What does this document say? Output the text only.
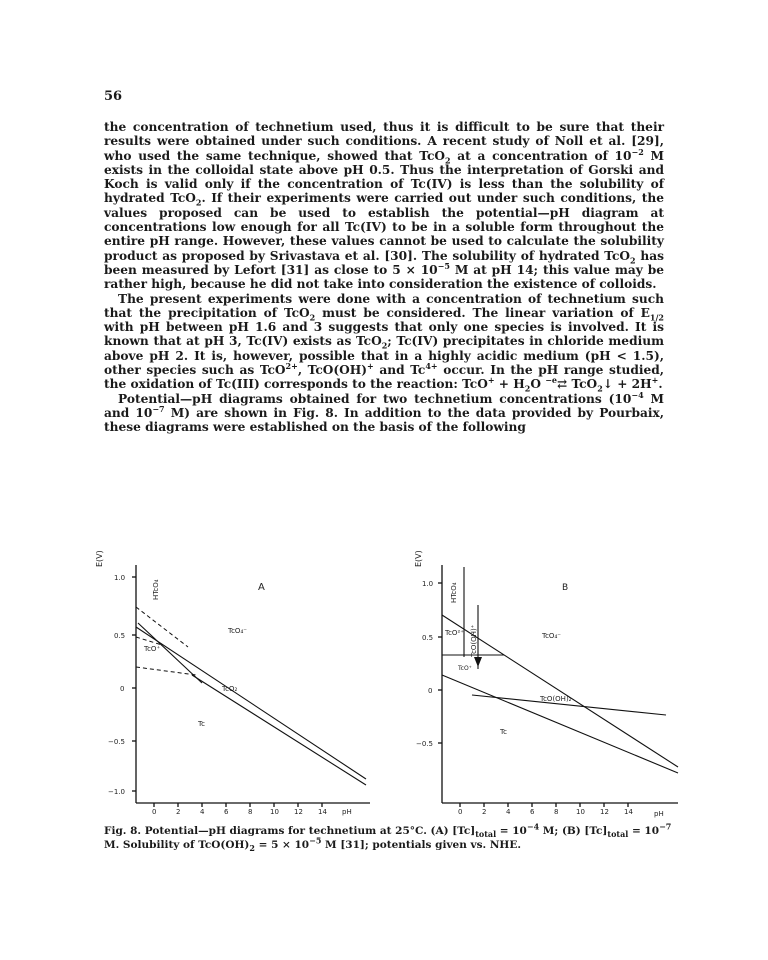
56

the concentration of technetium used, thus it is difficult to be sure that their results were obtained under such conditions. A recent study of Noll et al. [29], who used the same technique, showed that TcO$_2$ at a concentration of $10^{-2}$ M exists in the colloidal state above pH 0.5. Thus the interpretation of Gorski and Koch is valid only if the concentration of Tc(IV) is less than the solubility of hydrated TcO$_2$. If their experiments were carried out under such conditions, the values proposed can be used to establish the potential—pH diagram at concentrations low enough for all Tc(IV) to be in a soluble form throughout the entire pH range. However, these values cannot be used to calculate the solubility product as proposed by Srivastava et al. [30]. The solubility of hydrated TcO$_2$ has been measured by Lefort [31] as close to $5 \times 10^{-5}$ M at pH 14; this value may be rather high, because he did not take into consideration the existence of colloids.

The present experiments were done with a concentration of technetium such that the precipitation of TcO$_2$ must be considered. The linear variation of $E_{1/2}$ with pH between pH 1.6 and 3 suggests that only one species is involved. It is known that at pH 3, Tc(IV) exists as TcO$_2$; Tc(IV) precipitates in chloride medium above pH 2. It is, however, possible that in a highly acidic medium (pH < 1.5), other species such as TcO$^{2+}$, TcO(OH)+ and $Tc^{4+}$ occur. In the pH range studied, the oxidation of Tc(III) corresponds to the reaction: $TcO^+ + H_2O$ $^{-e}$⇄ TcO$_2$↓ + 2H+.

Potential—pH diagrams obtained for two technetium concentrations ($10^{-4}$ M and $10^{-7}$ M) are shown in Fig. 8. In addition to the data provided by Pourbaix, these diagrams were established on the basis of the following

E(V)
1.0
0.5
0
−0.5
−1.0
0	2	4	6	8	10 12 14 pH
HTcO₄
TcO₄⁻
TcO⁺
TcO₂
Tc
A
E(V)
1.0
0.5
0
−0.5
0	2	4	6	8	10 12 14	pH
HTcO₄
TcO(OH)⁺
TcO²⁺	TcO₄⁻
TcO⁺
TcO(OH)₂
Tc
B
Fig. 8. Potential—pH diagrams for technetium at 25°C. (A) $[Tc]_{total} = 10^{-4}$ M; (B) $[Tc]_{total} = 10^{-7}$ M. Solubility of $TcO(OH)_2 = 5 \times 10^{-5}$ M [31]; potentials given vs. NHE.
